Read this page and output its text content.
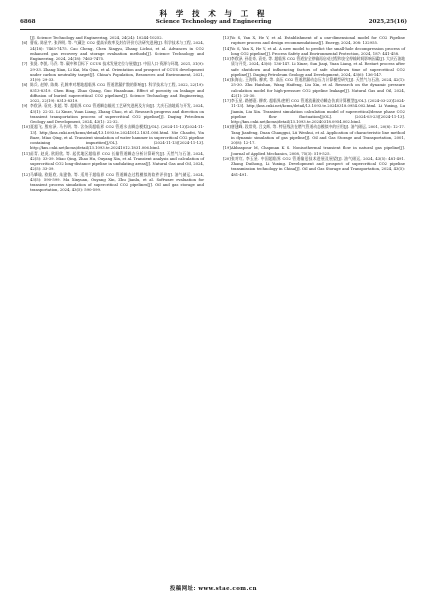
科 学 技 术 与 工 程
6868	Science Technology and Engineering	2025,25(16)

[J]. Science Technology and Engineering, 2024, 24(24): 10244-10252.

[6] 曹成, 陈星宇, 张四明, 等. 气藏注 CO2 提高采收率及封存评价方法研究进展[J]. 科学技术与工程, 2024, 24(18): 7463-7475. Cao Cheng, Chen Xingyu, Zhang Lichui, et al. Advances in CO2 enhanced gas recovery and storage evaluation methods[J]. Science Technology and Engineering, 2024, 24(18): 7463-7475.

[7] 张贤, 李凯, 马乔, 等. 碳中和目标下 CCUS 技术发展定位与展望[J]. 中国人口·资源与环境, 2021, 31(9): 29-33. Zhang Xian, Li Kai, Ma Qiao, et al. Orientation and prospect of CCUS development under carbon neutrality target[J]. China's Population, Resources and Environment, 2021, 31(9): 29-33.

[8] 陈兵, 赵婷, 陈焕. 孔隙率对埋地超临界 CO2 管道泄漏扩散的影响[J]. 科学技术与工程, 2022, 22(19): 8313-8319. Chen Bing, Zhao Qiang, Guo Huanhuan. Effect of porosity on leakage and diffusion of buried supercritical CO2 pipelines[J]. Science Technology and Engineering, 2022, 22(19): 8313-8319.

[9] 李欣泽, 袁亮, 张超, 等. 超临界 CO2 管道瞬态输送工艺研究进展及方向[J]. 大庆石油地质与开发, 2024, 43(1): 22-32. Li Xinze, Yuan Liang, Zhang Chao, et al. Research progress and direction on transient transportation process of supercritical CO2 pipeline[J]. Daqing Petroleum Geology and Development, 2024, 43(1): 22-32.

[10] 聂超飞, 殷布泽, 马书明, 等. 含杂质超临界 CO2 管道水击瞬态模拟[J/OL]. (2024-11-13)[2024-11-13]. http://kns.cnki.net/kcms/detail/13.1093.te.20241012.1831.006.html. Nie Chaofei, Yin Buze, Miao Qing, et al. Transient simulation of water hammer in supercritical CO2 pipeline containing impurities[J/OL]. (2024-11-13)[2024-11-13]. http://kns.cnki.net/kcms/detail/13.1093.te.20241012.1831.006.html.

[11] 苗青, 赵虎, 欧阳欣, 等. 起伏地区超临界 CO2 长输管道瞬态分析计算研究[J]. 天然气与石油, 2024, 42(5): 33-39. Miao Qing, Zhao Hu, Ouyang Xin, et al. Transient analysis and calculation of supercritical CO2 long-distance pipeline in undulating areas[J]. Natural Gas and Oil, 2024, 42(5): 33-39.

[12] 马肇瑜, 欧阳欣, 朱建鲁, 等. 适用于超临界 CO2 管道瞬态过程模拟的软件评价[J]. 油气储运, 2024, 43(5): 590-599. Ma Xinyuan, Ouyang Xin, Zhu Jianlu, et al. Software evaluation for transient process simulation of supercritical CO2 pipelines[J]. Oil and gas storage and transportation, 2024, 43(5): 590-599.

[13] Yo S, Yan X, He Y, et al. Establishment of a one-dimensional model for CO2 Pipeline rupture process and design recommendations[J]. Energy, 2024, 308: 132955.

[14] Yo S, Yan X, He Y, et al. A new model to predict the small-hole decompression process of long CO2 pipeline[J]. Process Safety and Environmental Protection, 2024, 187: 441-458.

[15] 李欣泽, 孙佳奇, 袁亮, 等. 超临界 CO2 管道安全停输再启动过程和安全停输时间影响因素[J]. 大庆石油地质与开发, 2024, 43(6): 136-147. Li Xinze, Sun Jiaqi, Yuan Liang, et al. Restart process after safe shutdown and influencing factors of safe shutdown time of supercritical CO2 pipeline[J]. Daqing Petroleum Geology and Development, 2024, 43(6): 136-147.

[16] 朱海山, 王海锋, 柳欢, 等. 高压 CO2 管道泄漏动态压力计算模型研究[J]. 天然气与石油, 2024, 42(1): 25-30. Zhu Haishan, Wang Haifeng, Liu Xin, et al. Research on the dynamic pressure calculation model for high-pressure CO2 pipeline leakage[J]. Natural Gas and Oil, 2024, 42(1): 25-30.

[17] 李玉星, 路德嘉, 柳欢. 超临界/密相 CO2 管道流量波动瞬态仿真计算模型[J/OL]. (2024-03-23)[2024-11-13]. http://kns.cnki.net/kcms/detail/13.1093.te.20240318.0954.002.html. Li Yuxing, Lu Jiamin, Liu Xin. Transient simulation calculation model of supercritical/dense phase CO2 pipeline flow fluctuation[J/OL]. (2024-03-23)[2024-11-13]. http://kns.cnki.net/kcms/detail/13.1093.te.20240318.0954.002.html.

[18] 唐建峰, 段常贵, 吕文辉, 等. 特征线法在燃气管道动态模拟中的应用[J]. 油气储运, 2001, 20(8): 12-17. Tang Jianfeng, Duan Changgui, Lü Wenhui, et al. Application of characteristic line method in dynamic simulation of gas pipeline[J]. Oil and Gas Storage and Transportation, 2001, 20(8): 12-17.

[19] Abbaspour M, Chapman K S. Nonisothermal transient flow in natural gas pipeline[J]. Journal of Applied Mechanics, 2008, 75(3): 519-525.

[20] 张对红, 李玉星. 中国超临界 CO2 管道输送技术进展及展望[J]. 油气储运, 2024, 43(5): 481-491. Zhang Duihong, Li Yuxing. Development and prospect of supercritical CO2 pipeline transmission technology in China[J]. Oil and Gas Storage and Transportation, 2024, 43(5): 481-491.

投稿网址: www.stae.com.cn
